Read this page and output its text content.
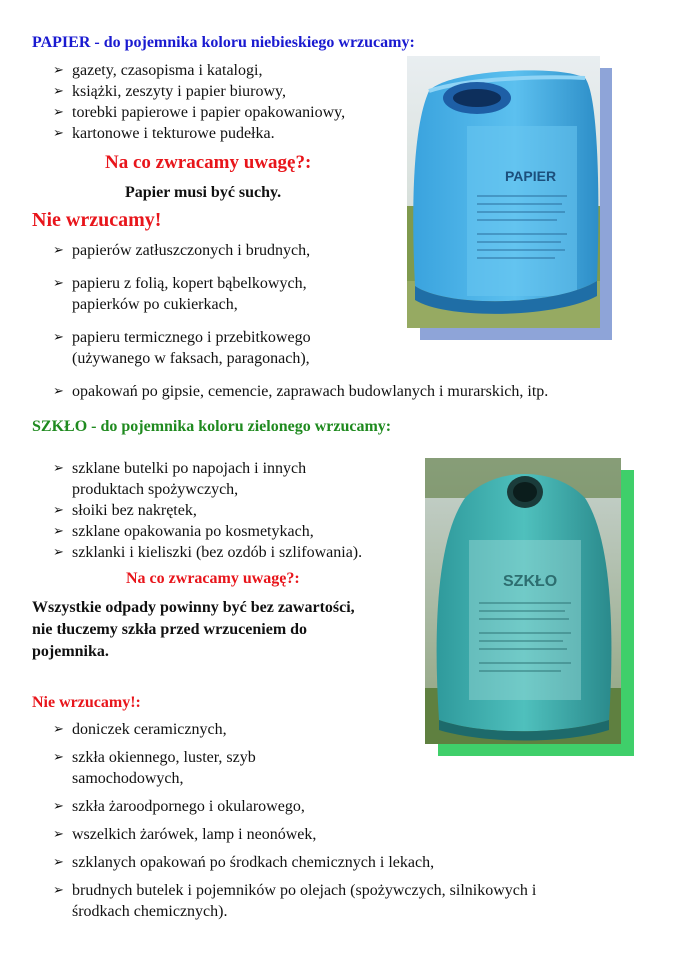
PAPIER - do pojemnika koloru niebieskiego wrzucamy:
➢ gazety, czasopisma i katalogi,
➢ książki, zeszyty i papier biurowy,
➢ torebki papierowe i papier opakowaniowy,
➢ kartonowe i tekturowe pudełka.
Na co zwracamy uwagę?:
Papier musi być suchy.
Nie wrzucamy!
➢ papierów zatłuszczonych i brudnych,
➢ papieru z folią, kopert bąbelkowych,
papierków po cukierkach,
➢ papieru termicznego i przebitkowego
(używanego w faksach, paragonach),
➢ opakowań po gipsie, cemencie, zaprawach budowlanych i murarskich, itp.
PAPIER
SZKŁO - do pojemnika koloru zielonego wrzucamy:
➢ szklane butelki po napojach i innych
produktach spożywczych,
➢ słoiki bez nakrętek,
➢ szklane opakowania po kosmetykach,
➢ szklanki i kieliszki (bez ozdób i szlifowania).
Na co zwracamy uwagę?:
Wszystkie odpady powinny być bez zawartości,
nie tłuczemy szkła przed wrzuceniem do
pojemnika.
Nie wrzucamy!:
➢ doniczek ceramicznych,
➢ szkła okiennego, luster, szyb
samochodowych,
➢ szkła żaroodpornego i okularowego,
➢ wszelkich żarówek, lamp i neonówek,
➢ szklanych opakowań po środkach chemicznych i lekach,
➢ brudnych butelek i pojemników po olejach (spożywczych, silnikowych i
środkach chemicznych).
SZKŁO
